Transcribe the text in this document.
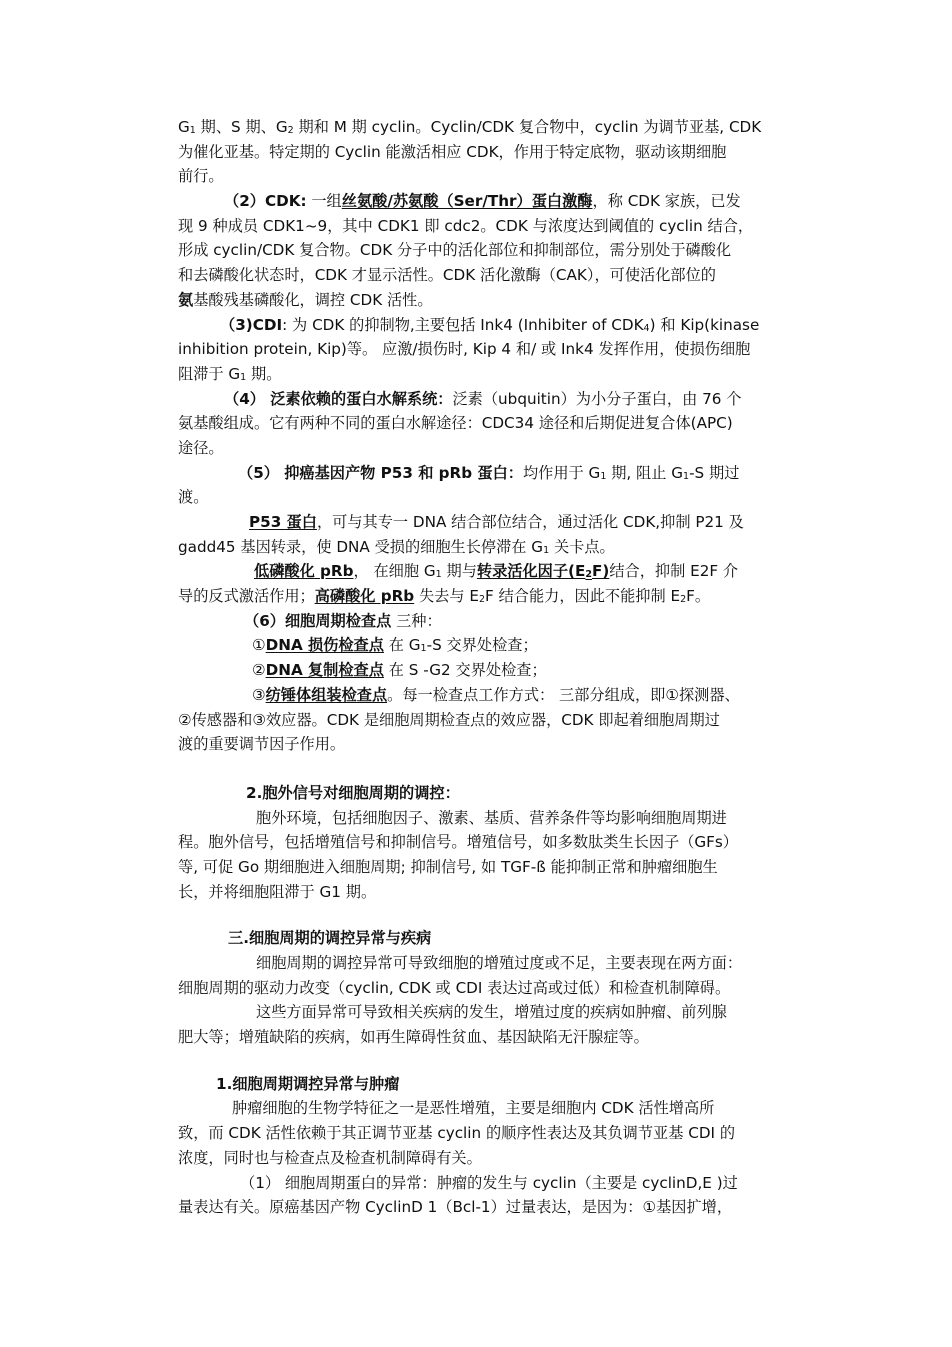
$G_1$ 期、S 期、$G_2$ 期和 M 期 cyclin。Cyclin/CDK 复合物中，cyclin 为调节亚基, CDK
为催化亚基。特定期的 Cyclin 能激活相应 CDK，作用于特定底物，驱动该期细胞
前行。
（2）CDK: 一组丝氨酸/苏氨酸（Ser/Thr）蛋白激酶，称 CDK 家族，已发
现 9 种成员 CDK1~9，其中 CDK1 即 cdc2。CDK 与浓度达到阈值的 cyclin 结合，
形成 cyclin/CDK 复合物。CDK 分子中的活化部位和抑制部位，需分别处于磷酸化
和去磷酸化状态时，CDK 才显示活性。CDK 活化激酶（CAK），可使活化部位的
氨基酸残基磷酸化，调控 CDK 活性。
（3)CDI: 为 CDK 的抑制物,主要包括 Ink4 (Inhibiter of $CDK_4$) 和 Kip(kinase
inhibition protein, Kip)等。 应激/损伤时, Kip 4 和/ 或 Ink4 发挥作用，使损伤细胞
阻滞于 $G_1$ 期。
（4） 泛素依赖的蛋白水解系统：泛素（ubquitin）为小分子蛋白，由 76 个
氨基酸组成。它有两种不同的蛋白水解途径：CDC34 途径和后期促进复合体(APC)
途径。
（5） 抑癌基因产物 P53 和 pRb 蛋白：均作用于 $G_1$ 期, 阻止 $G_1-S$ 期过
渡。
P53 蛋白，可与其专一 DNA 结合部位结合，通过活化 CDK,抑制 P21 及
gadd45 基因转录，使 DNA 受损的细胞生长停滞在 $G_1$ 关卡点。
低磷酸化 pRb， 在细胞 $G_1$ 期与转录活化因子$(E_2F)$结合，抑制 E2F 介
导的反式激活作用；高磷酸化 pRb 失去与 $E_2F$ 结合能力，因此不能抑制 $E_2F$。
（6）细胞周期检查点 三种：
①DNA 损伤检查点 在 $G_1-S$ 交界处检查；
②DNA 复制检查点 在 S -G2 交界处检查；
③纺锤体组装检查点。每一检查点工作方式： 三部分组成，即①探测器、
②传感器和③效应器。CDK 是细胞周期检查点的效应器，CDK 即起着细胞周期过
渡的重要调节因子作用。
2.胞外信号对细胞周期的调控：
胞外环境，包括细胞因子、激素、基质、营养条件等均影响细胞周期进
程。胞外信号，包括增殖信号和抑制信号。增殖信号，如多数肽类生长因子（GFs）
等, 可促 Go 期细胞进入细胞周期; 抑制信号, 如 TGF-ß 能抑制正常和肿瘤细胞生
长，并将细胞阻滞于 G1 期。
三.细胞周期的调控异常与疾病
细胞周期的调控异常可导致细胞的增殖过度或不足，主要表现在两方面：
细胞周期的驱动力改变（cyclin, CDK 或 CDI 表达过高或过低）和检查机制障碍。
这些方面异常可导致相关疾病的发生，增殖过度的疾病如肿瘤、前列腺
肥大等；增殖缺陷的疾病，如再生障碍性贫血、基因缺陷无汗腺症等。
1.细胞周期调控异常与肿瘤
肿瘤细胞的生物学特征之一是恶性增殖，主要是细胞内 CDK 活性增高所
致，而 CDK 活性依赖于其正调节亚基 cyclin 的顺序性表达及其负调节亚基 CDI 的
浓度，同时也与检查点及检查机制障碍有关。
（1） 细胞周期蛋白的异常：肿瘤的发生与 cyclin（主要是 cyclinD,E )过
量表达有关。原癌基因产物 CyclinD 1（Bcl-1）过量表达，是因为：①基因扩增，
